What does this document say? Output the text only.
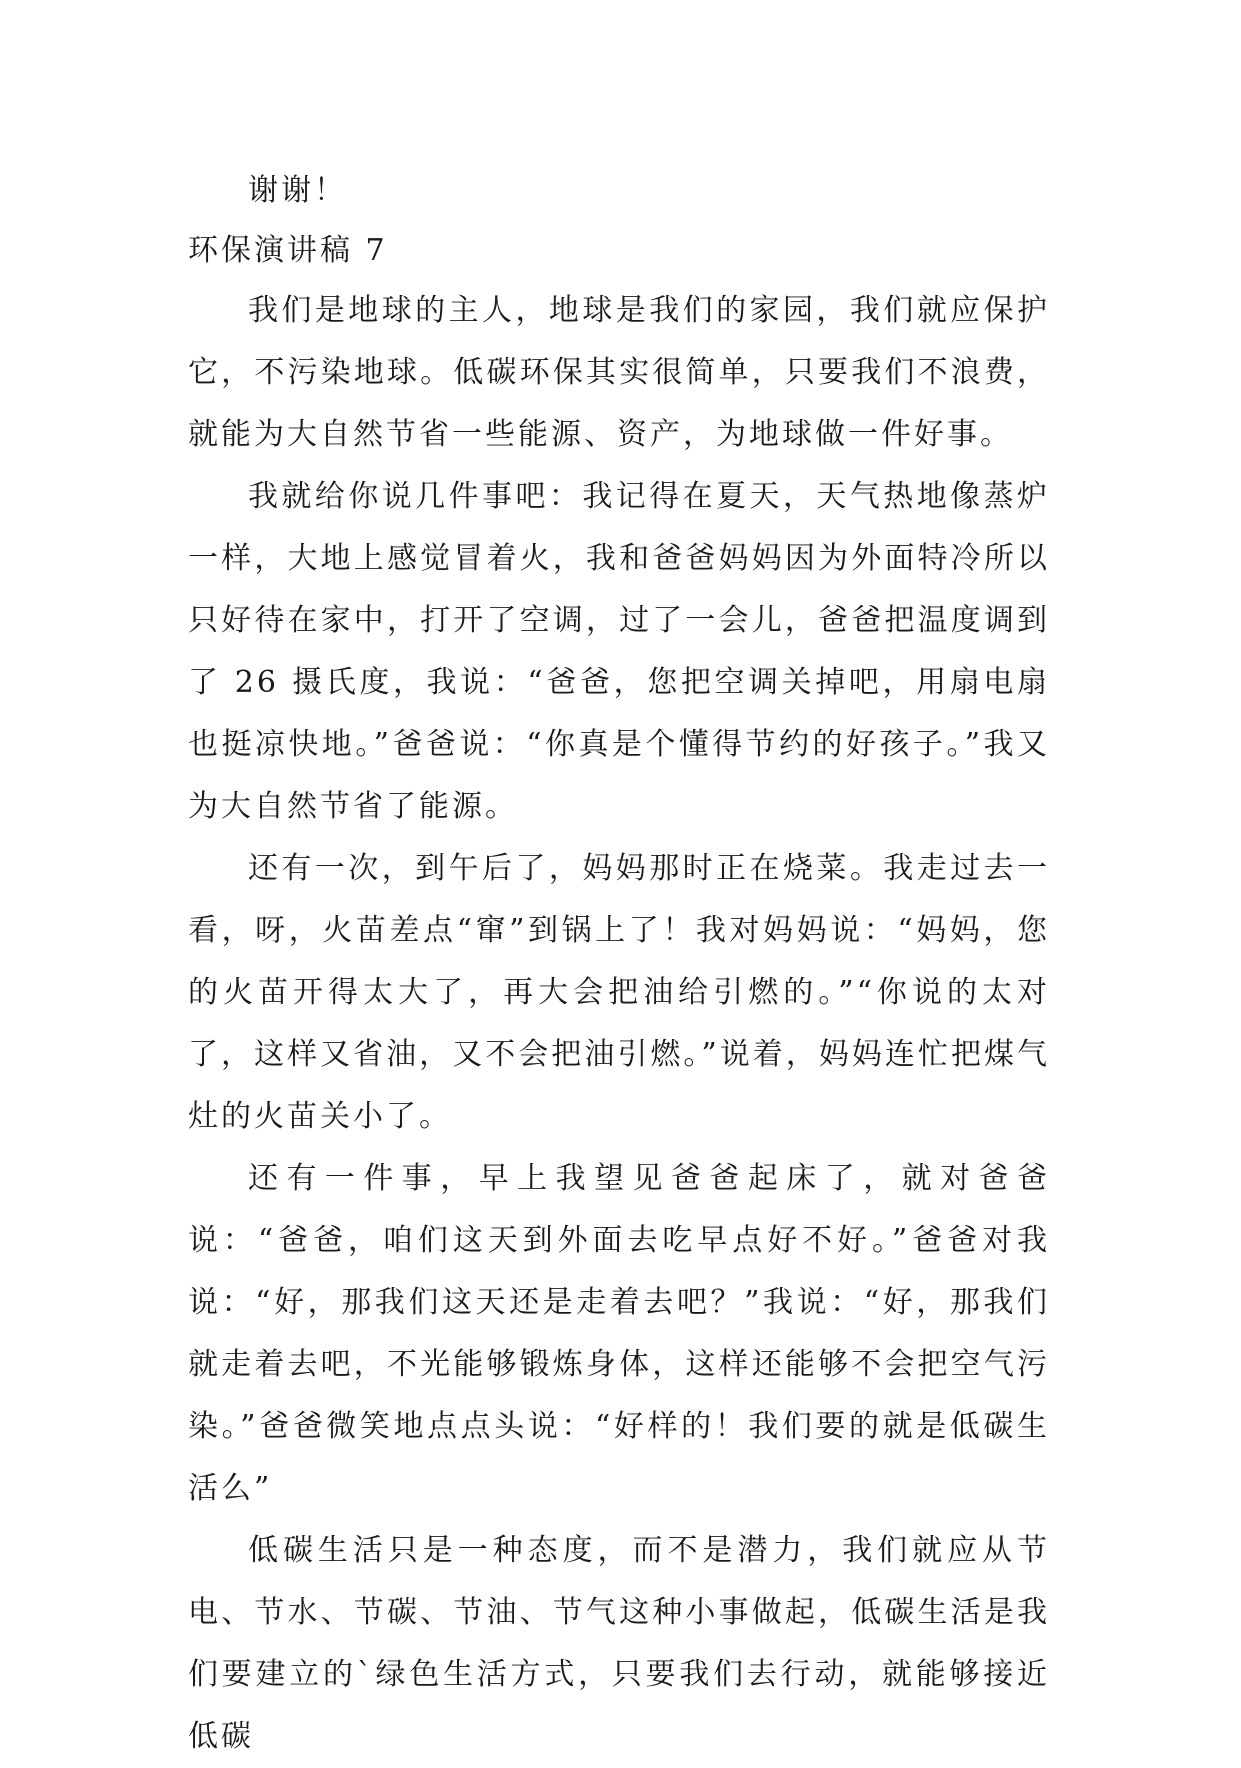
谢谢！

环保演讲稿 7

我们是地球的主人，地球是我们的家园，我们就应保护它，不污染地球。低碳环保其实很简单，只要我们不浪费，就能为大自然节省一些能源、资产，为地球做一件好事。

我就给你说几件事吧：我记得在夏天，天气热地像蒸炉一样，大地上感觉冒着火，我和爸爸妈妈因为外面特冷所以只好待在家中，打开了空调，过了一会儿，爸爸把温度调到了 26 摄氏度，我说：“爸爸，您把空调关掉吧，用扇电扇也挺凉快地。”爸爸说：“你真是个懂得节约的好孩子。”我又为大自然节省了能源。

还有一次，到午后了，妈妈那时正在烧菜。我走过去一看，呀，火苗差点“窜”到锅上了！我对妈妈说：“妈妈，您的火苗开得太大了，再大会把油给引燃的。”“你说的太对了，这样又省油，又不会把油引燃。”说着，妈妈连忙把煤气灶的火苗关小了。

还有一件事，早上我望见爸爸起床了，就对爸爸说：“爸爸，咱们这天到外面去吃早点好不好。”爸爸对我说：“好，那我们这天还是走着去吧？”我说：“好，那我们就走着去吧，不光能够锻炼身体，这样还能够不会把空气污染。”爸爸微笑地点点头说：“好样的！我们要的就是低碳生活么”

低碳生活只是一种态度，而不是潜力，我们就应从节电、节水、节碳、节油、节气这种小事做起，低碳生活是我们要建立的`绿色生活方式，只要我们去行动，就能够接近低碳
